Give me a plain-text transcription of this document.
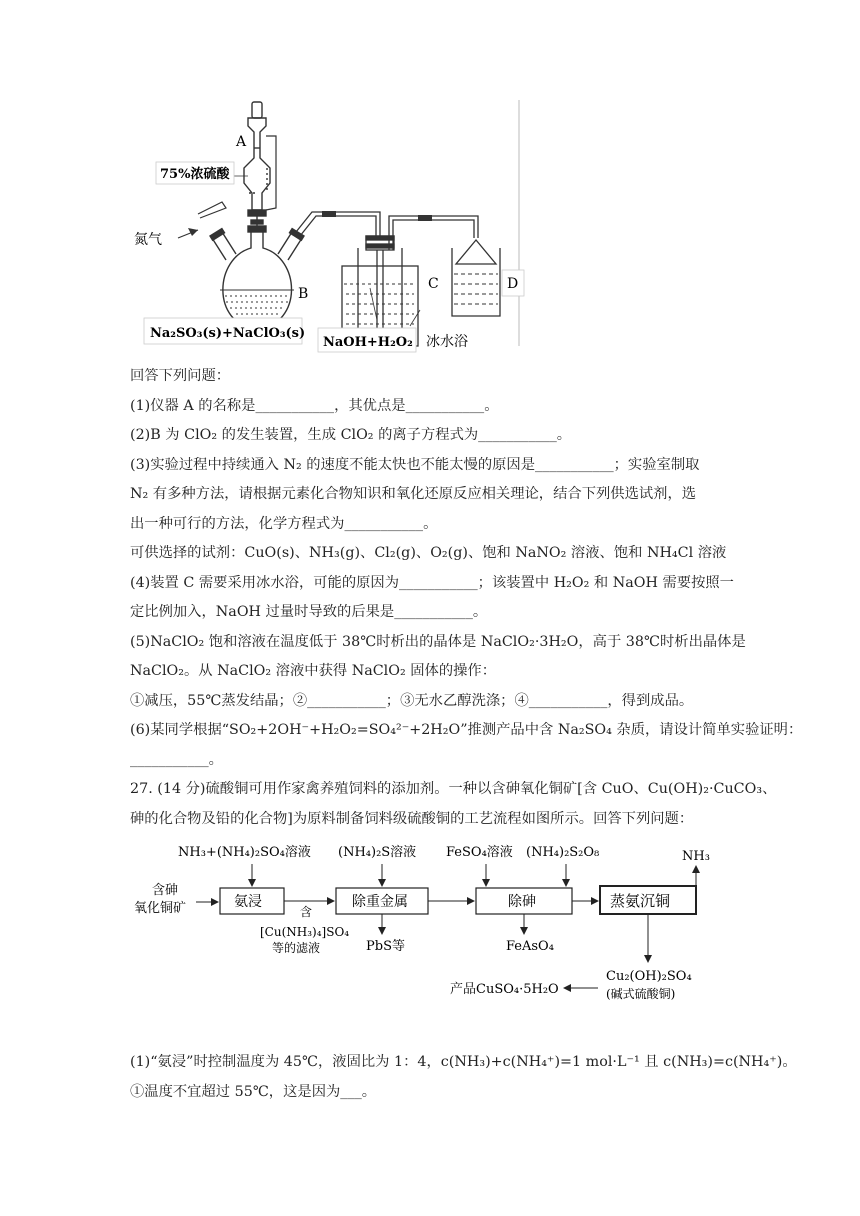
A
75%浓硫酸
氮气
B
Na₂SO₃(s)+NaClO₃(s)
C
NaOH+H₂O₂ 冰水浴
D
回答下列问题：
(1)仪器 A 的名称是___________，其优点是___________。
(2)B 为 ClO₂ 的发生装置，生成 ClO₂ 的离子方程式为___________。
(3)实验过程中持续通入 N₂ 的速度不能太快也不能太慢的原因是___________；实验室制取
N₂ 有多种方法，请根据元素化合物知识和氧化还原反应相关理论，结合下列供选试剂，选
出一种可行的方法，化学方程式为___________。
可供选择的试剂：CuO(s)、NH₃(g)、Cl₂(g)、O₂(g)、饱和 NaNO₂ 溶液、饱和 NH₄Cl 溶液
(4)装置 C 需要采用冰水浴，可能的原因为___________；该装置中 H₂O₂ 和 NaOH 需要按照一
定比例加入，NaOH 过量时导致的后果是___________。
(5)NaClO₂ 饱和溶液在温度低于 38℃时析出的晶体是 NaClO₂·3H₂O，高于 38℃时析出晶体是
NaClO₂。从 NaClO₂ 溶液中获得 NaClO₂ 固体的操作：
①减压，55℃蒸发结晶；②___________；③无水乙醇洗涤；④___________，得到成品。
(6)某同学根据“SO₂+2OH⁻+H₂O₂=SO₄²⁻+2H₂O”推测产品中含 Na₂SO₄ 杂质，请设计简单实验证明：
___________。
27. (14 分)硫酸铜可用作家禽养殖饲料的添加剂。一种以含砷氧化铜矿[含 CuO、Cu(OH)₂·CuCO₃、
砷的化合物及铅的化合物]为原料制备饲料级硫酸铜的工艺流程如图所示。回答下列问题：
NH₃+(NH₄)₂SO₄溶液 (NH₄)₂S溶液 FeSO₄溶液 (NH₄)₂S₂O₈	NH₃
含砷
氧化铜矿	氨浸	除重金属	除砷	蒸氨沉铜
含
[Cu(NH₃)₄]SO₄
等的滤液	PbS等	FeAsO₄
Cu₂(OH)₂SO₄
(碱式硫酸铜)
产品CuSO₄·5H₂O
(1)“氨浸”时控制温度为 45℃，液固比为 1：4，c(NH₃)+c(NH₄⁺)=1 mol·L⁻¹ 且 c(NH₃)=c(NH₄⁺)。
①温度不宜超过 55℃，这是因为___。
